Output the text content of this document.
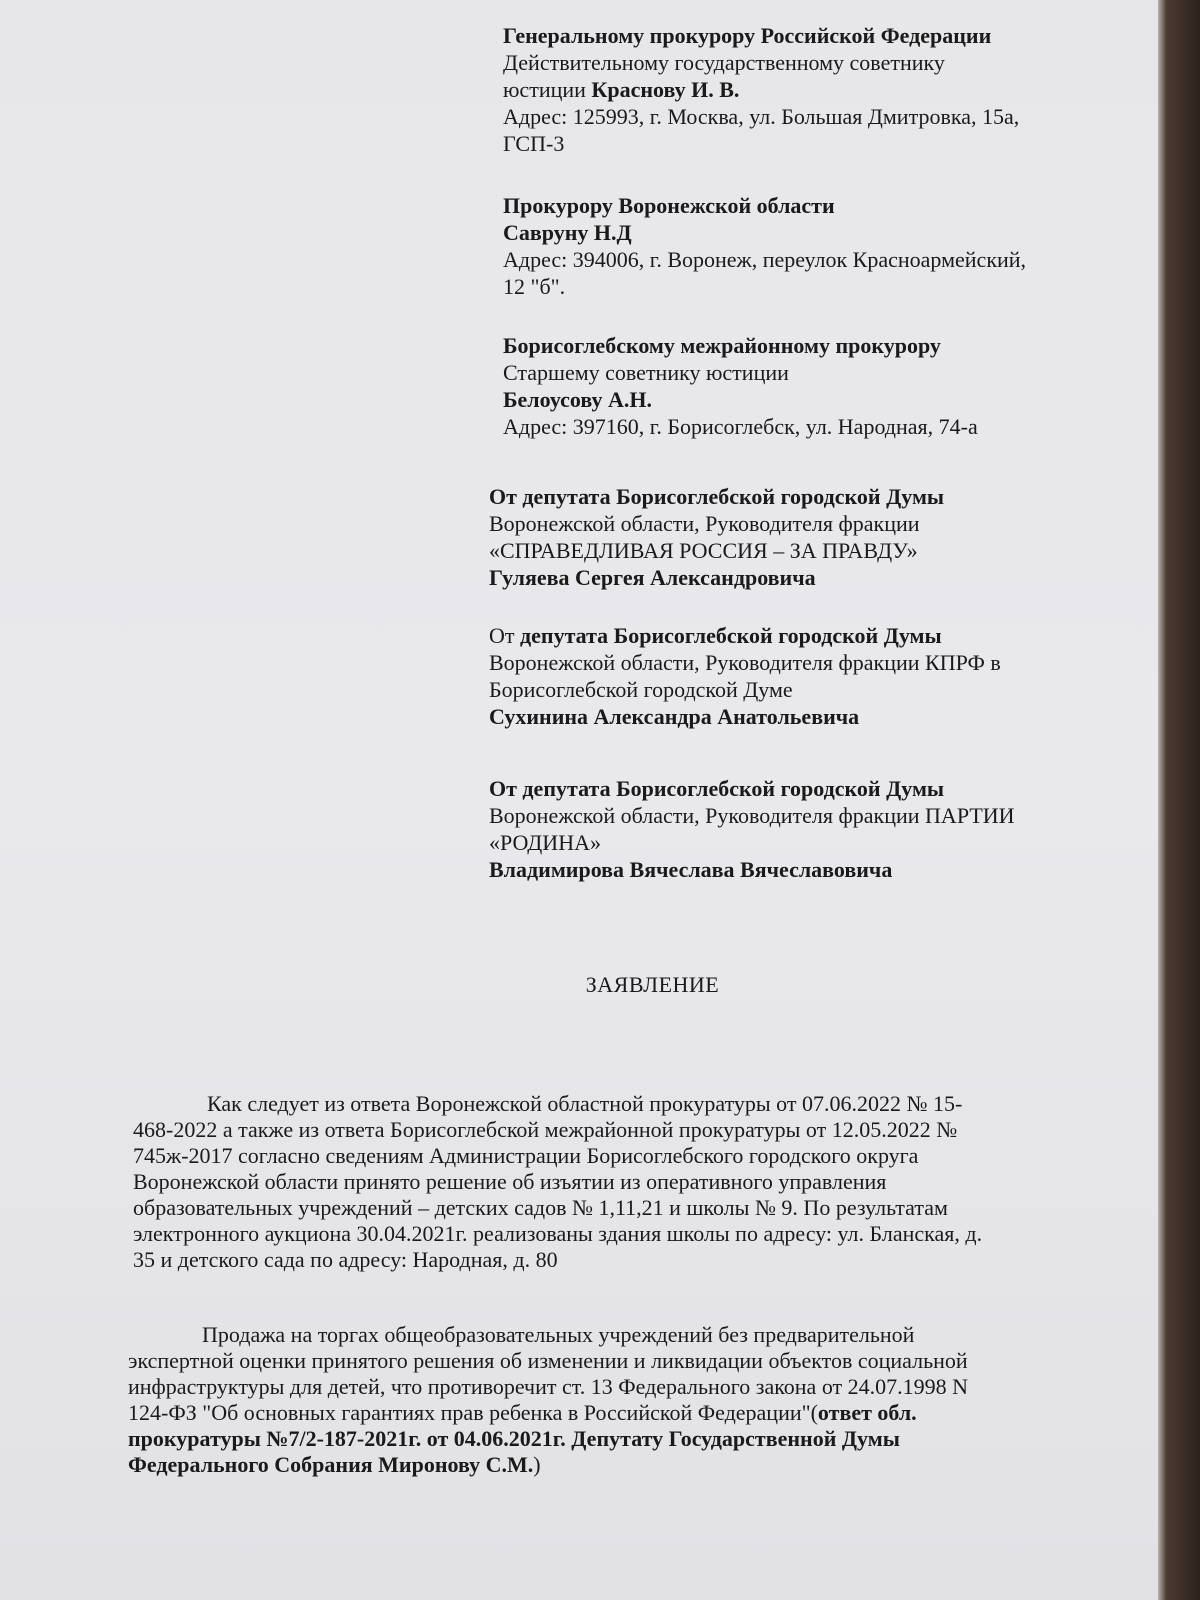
Генеральному прокурору Российской Федерации
Действительному государственному советнику
юстиции Краснову И. В.
Адрес: 125993, г. Москва, ул. Большая Дмитровка, 15а,
ГСП-3
Прокурору Воронежской области
Савруну Н.Д
Адрес: 394006, г. Воронеж, переулок Красноармейский,
12 "б".
Борисоглебскому межрайонному прокурору
Старшему советнику юстиции
Белоусову А.Н.
Адрес: 397160, г. Борисоглебск, ул. Народная, 74-а
От депутата Борисоглебской городской Думы
Воронежской области, Руководителя фракции
«СПРАВЕДЛИВАЯ РОССИЯ – ЗА ПРАВДУ»
Гуляева Сергея Александровича
От депутата Борисоглебской городской Думы
Воронежской области, Руководителя фракции КПРФ в
Борисоглебской городской Думе
Сухинина Александра Анатольевича
От депутата Борисоглебской городской Думы
Воронежской области, Руководителя фракции ПАРТИИ
«РОДИНА»
Владимирова Вячеслава Вячеславовича
ЗАЯВЛЕНИЕ
Как следует из ответа Воронежской областной прокуратуры от 07.06.2022 № 15-
468-2022 а также из ответа Борисоглебской межрайонной прокуратуры от 12.05.2022 №
745ж-2017 согласно сведениям Администрации Борисоглебского городского округа
Воронежской области принято решение об изъятии из оперативного управления
образовательных учреждений – детских садов № 1,11,21 и школы № 9. По результатам
электронного аукциона 30.04.2021г. реализованы здания школы по адресу: ул. Бланская, д.
35 и детского сада по адресу: Народная, д. 80
Продажа на торгах общеобразовательных учреждений без предварительной
экспертной оценки принятого решения об изменении и ликвидации объектов социальной
инфраструктуры для детей, что противоречит ст. 13 Федерального закона от 24.07.1998 N
124-ФЗ "Об основных гарантиях прав ребенка в Российской Федерации"(ответ обл.
прокуратуры №7/2-187-2021г. от 04.06.2021г. Депутату Государственной Думы
Федерального Собрания Миронову С.М.)
